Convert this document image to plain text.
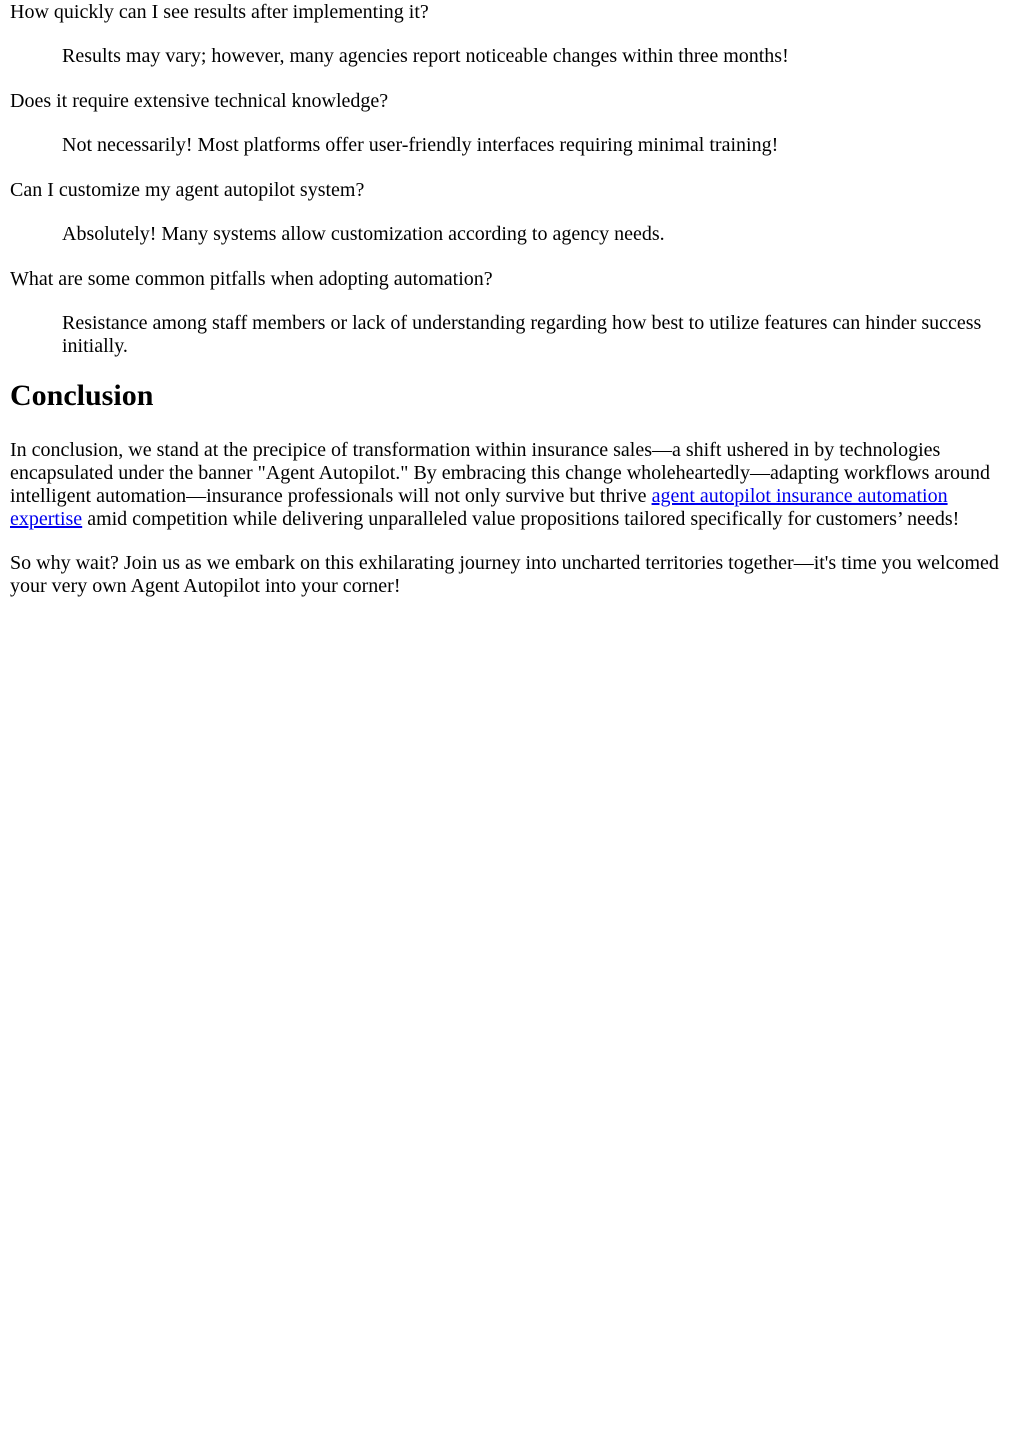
How quickly can I see results after implementing it?
Results may vary; however, many agencies report noticeable changes within three months!
Does it require extensive technical knowledge?
Not necessarily! Most platforms offer user-friendly interfaces requiring minimal training!
Can I customize my agent autopilot system?
Absolutely! Many systems allow customization according to agency needs.
What are some common pitfalls when adopting automation?
Resistance among staff members or lack of understanding regarding how best to utilize features can hinder success initially.
Conclusion

In conclusion, we stand at the precipice of transformation within insurance sales—a shift ushered in by technologies encapsulated under the banner "Agent Autopilot." By embracing this change wholeheartedly—adapting workflows around intelligent automation—insurance professionals will not only survive but thrive agent autopilot insurance automation expertise amid competition while delivering unparalleled value propositions tailored specifically for customers’ needs!

So why wait? Join us as we embark on this exhilarating journey into uncharted territories together—it's time you welcomed your very own Agent Autopilot into your corner!
